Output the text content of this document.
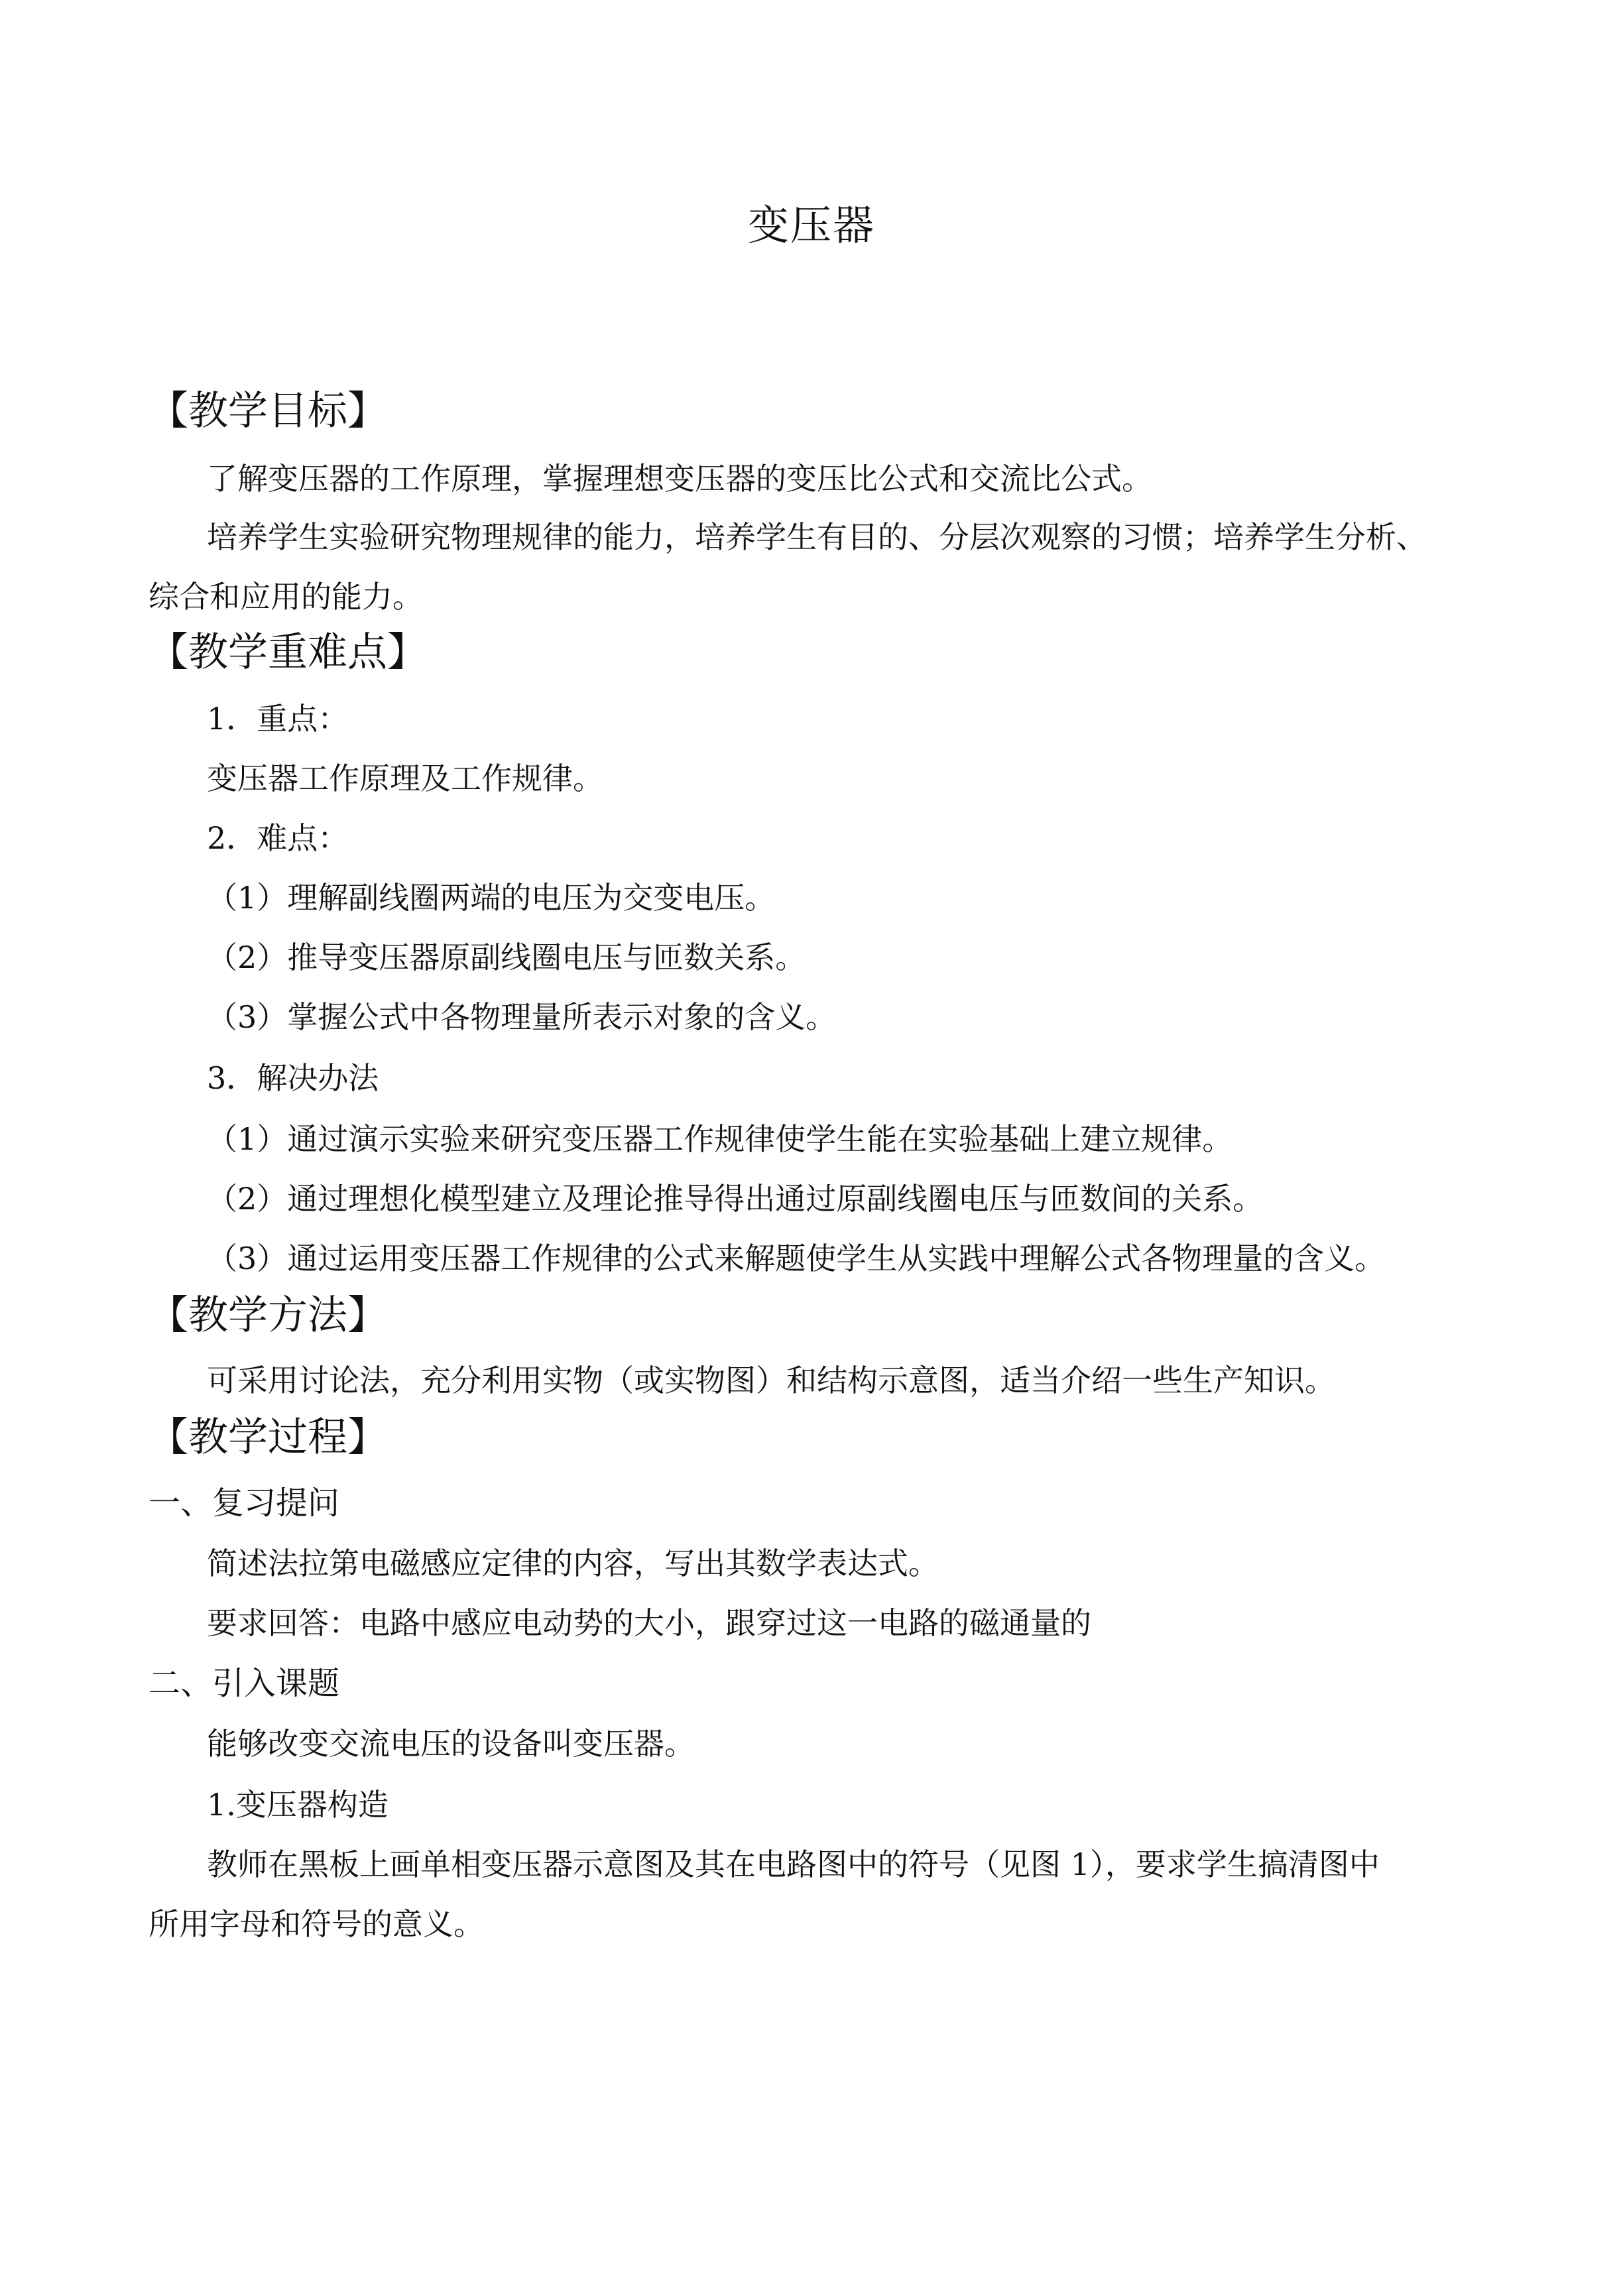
变压器
【教学目标】
了解变压器的工作原理，掌握理想变压器的变压比公式和交流比公式。
培养学生实验研究物理规律的能力，培养学生有目的、分层次观察的习惯；培养学生分析、
综合和应用的能力。
【教学重难点】
1．重点：
变压器工作原理及工作规律。
2．难点：
（1）理解副线圈两端的电压为交变电压。
（2）推导变压器原副线圈电压与匝数关系。
（3）掌握公式中各物理量所表示对象的含义。
3．解决办法
（1）通过演示实验来研究变压器工作规律使学生能在实验基础上建立规律。
（2）通过理想化模型建立及理论推导得出通过原副线圈电压与匝数间的关系。
（3）通过运用变压器工作规律的公式来解题使学生从实践中理解公式各物理量的含义。
【教学方法】
可采用讨论法，充分利用实物（或实物图）和结构示意图，适当介绍一些生产知识。
【教学过程】
一、复习提问
简述法拉第电磁感应定律的内容，写出其数学表达式。
要求回答：电路中感应电动势的大小，跟穿过这一电路的磁通量的
二、引入课题
能够改变交流电压的设备叫变压器。
1.变压器构造
教师在黑板上画单相变压器示意图及其在电路图中的符号（见图 1），要求学生搞清图中
所用字母和符号的意义。
